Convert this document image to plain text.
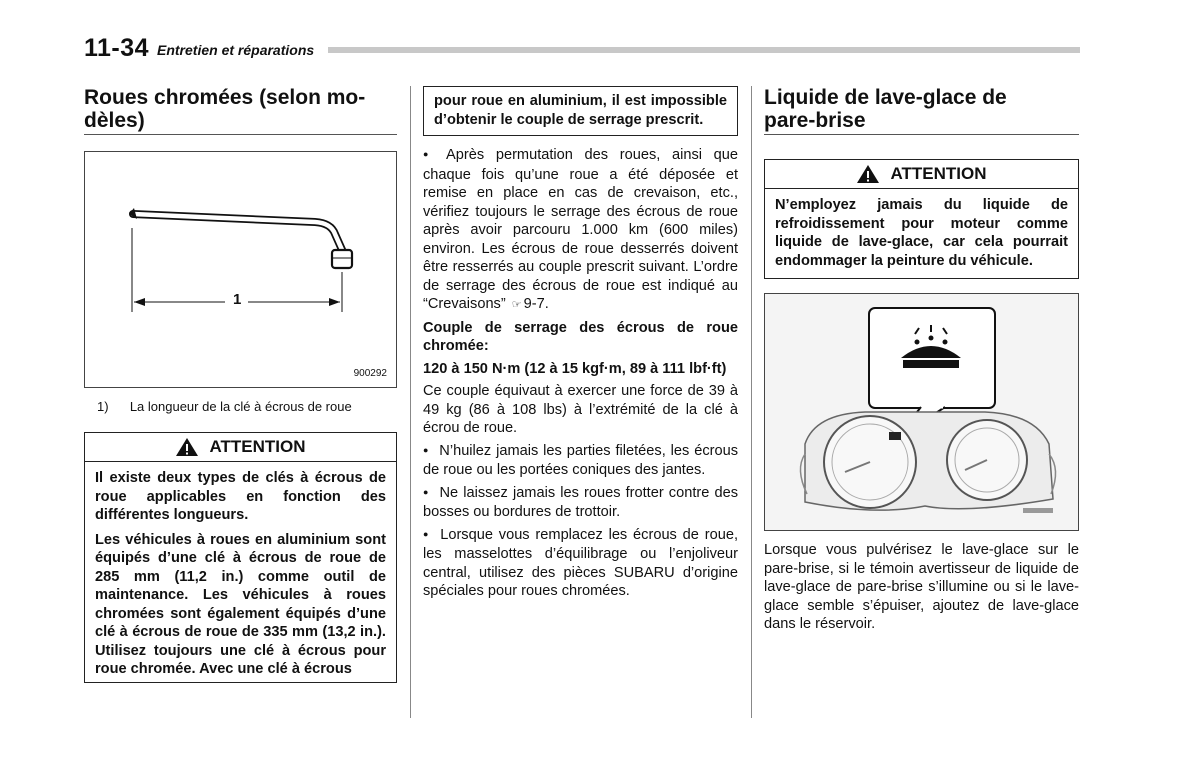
11-34 Entretien et réparations
Roues chromées (selon mo-dèles)
1
900292
1) La longueur de la clé à écrous de roue
ATTENTION

Il existe deux types de clés à écrous de roue applicables en fonction des différentes longueurs.

Les véhicules à roues en aluminium sont équipés d’une clé à écrous de roue de 285 mm (11,2 in.) comme outil de maintenance. Les véhicules à roues chromées sont également équipés d’une clé à écrous de roue de 335 mm (13,2 in.). Utilisez toujours une clé à écrous pour roue chromée. Avec une clé à écrous

pour roue en aluminium, il est impossible d’obtenir le couple de serrage prescrit.

● Après permutation des roues, ainsi que chaque fois qu’une roue a été déposée et remise en place en cas de crevaison, etc., vérifiez toujours le serrage des écrous de roue après avoir parcouru 1.000 km (600 miles) environ. Les écrous de roue desserrés doivent être resserrés au couple prescrit suivant. L’ordre de serrage des écrous de roue est indiqué au “Crevaisons” ☞ 9-7.

Couple de serrage des écrous de roue chromée:

120 à 150 N·m (12 à 15 kgf·m, 89 à 111 lbf·ft)

Ce couple équivaut à exercer une force de 39 à 49 kg (86 à 108 lbs) à l’extrémité de la clé à écrou de roue.

● N’huilez jamais les parties filetées, les écrous de roue ou les portées coniques des jantes.

● Ne laissez jamais les roues frotter contre des bosses ou bordures de trottoir.

● Lorsque vous remplacez les écrous de roue, les masselottes d’équilibrage ou l’enjoliveur central, utilisez des pièces SUBARU d’origine spéciales pour roues chromées.

Liquide de lave-glace de pare-brise
ATTENTION

N’employez jamais du liquide de refroidissement pour moteur comme liquide de lave-glace, car cela pourrait endommager la peinture du véhicule.

Lorsque vous pulvérisez le lave-glace sur le pare-brise, si le témoin avertisseur de liquide de lave-glace de pare-brise s’illumine ou si le lave-glace semble s’épuiser, ajoutez de lave-glace dans le réservoir.
